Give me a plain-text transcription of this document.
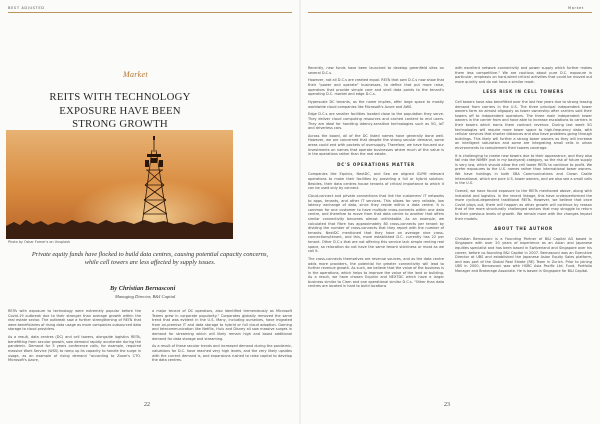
BEST ADJUSTED
Market
REITS WITH TECHNOLOGY EXPOSURE HAVE BEEN STRONG GROWTH
Photo by Oskar Fomer's on Unsplash
Private equity funds have flocked to build data centres, causing potential capacity concerns, while cell towers are less affected by supply issues.
By Christian Bernasconi
Managing Director, B&I Capital

REITs with exposure to technology were extremely popular before the Covid-19 outbreak due to their stronger than average growth within the real estate sector. The outbreak saw a further strengthening of REITs that were beneficiaries of rising data usage as more companies outsourced data storage to cloud providers.

As a result, data centres (DC) and cell towers, alongside logistics REITs, benefitting from secular growth, saw demand rapidly accelerate during the pandemic. Demand for 5 years conference calls, for example, required massive Work Service (WSS) to ramp up its capacity to handle the surge in usage, as an example of rising demand "according to Zoom's CTO. Microsoft's Azure,

a major tenant of DC operators, also identified tremendously as Microsoft Teams grew in corporate popularity." Corporates globally removed the same trend that was evident in the U.S. Many, including ourselves, have migrated from on-premise IT and data storage to hybrid or full cloud adoption. Gaming and telecommunication like Netflix, Hulu and Disney all saw massive surges in demand for streaming which will likely remain high and boost additional demand for data storage and streaming.

As a result of these secular trends and increased demand during the pandemic, valuations for D.C. have reached very high levels, and the very likely upsides with the current demand is, and expansions rushed to raise capital to develop the data centres.

22
Market

Recently, new funds have been launched to develop greenfield sites on several D.C.s.

However, not all D.C.s are created equal. REITs that own D.C.s now show that their "power and operate" businesses, to define that put more raise, operators that provide simple core and shell data points to the tenant's operating D.C. market and edge D.C.s.

Hyperscale DC tenants, as the name implies, offer large space to mostly worldwide cloud companies like Microsoft's Azure and AWS.

Edge D.C.s are smaller facilities located close to the population they serve. They deliver cloud computing resources and cached content to end users. They are ideal for handling latency-sensitive technologies such as 5G, IoT and driverless cars.

Across the board, all of the DC listed names have generally done well. However, we are concerned that despite the strong secular demand, some areas could end with pockets of oversupply. Therefore, we have focused our investments on names that operate businesses where much of the value is in the operations rather than the real estate.

DC'S OPERATIONS MATTER

Companies like Equinix, NextDC, and Sea we aligned GLPM relevant operations to make their facilities by providing a full or hybrid solution. Besides, their data centres house tenants of critical importance to which it can be used only by connect.

Cloud-connect and private connections that link the customers' IT networks to apps, tenants, and other IT services. This allows for very reliable, low latency exchange of data, since they reside within a data centre. It is common for one customer to have multiple cross-connects within one data centre, and therefore to move from that data centre to another that offers similar connectivity becomes almost unthinkable. As an example, we calculated that Fibre has approximately 80 cross-connects per tenant by dividing the number of cross-connects that they report with the number of tenants. NextDC mentioned that they have on average nine cross-connections/tenant, and this, more established D.C. currently has 22 per tenant. Other D.C.s that are not offering this service lack simple renting real space, so relocation do not have the same tenant stickiness or moat as we call it.

The cross-connects themselves are revenue sources, and as the data centre adds more providers, the potential for greater connectivity will lead to further revenue growth. As such, we believe that the value of the business is in the operations, which helps to improve the value of the land or building. As a result, we have chosen Equinix and NEXTDC which have a larger business similar to Ciarn and one operational similar D.C.s. "Other than data centres are located in hard to build locations

with excellent network connectivity and power supply which further makes them less competitive." We are cautious about pure D.C. exposure in particular, emphasis on hard-wired critical activities that could be moved out more quickly and do not have a similar moat.

LESS RISK IN CELL TOWERS

Cell towers have also benefitted over the last few years due to strong leasing demand from carriers in the U.S. The three principal independent tower owners form an almost oligopoly as tower ownership after carriers sold their towers off to independent operators. The three main independent tower owners in the carrier from and have able to increase escalations to carriers in their towers which earns them contract revenue. During last week 5G technologies will require more tower space to high-frequency data, with cellular services that shorter distances and also have problems going through buildings. This likely will further a strong tower owners as they will increase an intelligent saturation and some are integrating small cells in urban environments to complement their towers coverage.

It is challenging to create new towers due to their appearance, and they also fall into the NIMBY (not in my backyard) category, so the risk of future supply is very low, which should allow the cell tower REITs to continue to profit. We prefer exposures to the U.S. names rather than international tower owners. We have holdings in both SBA Communications and Crown Castle International, which are pure U.S. tower owners, and we also see a small cells in the U.S.

Overall, we have found exposure to the REITs mentioned above, along with industrial and logistics. In the recent linkage, this have underperformed the more cyclical-dependent traditional REITs. However, we believe that once Covid plays out, there will happen as other growth will continue by reason that of the more structurally challenged sectors that may struggle to return to their previous levels of growth. We remain more with the changes impact their models.

ABOUT THE AUTHOR

Christian Bernasconi is a Founding Partner of B&I Capital AG based in Singapore with over 20 years of experience as an Asian and Japanese equities specialist and has been based in Switzerland and Singapore over his career, before co-founding B&I Capital in 2007. Bernasconi was an Executive Director at UBS and established the Japanese Asian Equity Sales platform, and was part of the Global Real Estate (RE) Team in Zurich. Prior to joining UBS in 2000, Bernasconi was with HSBC Asia Pacific Ltd. Fund, Portfolio Manager and Brokerage Associate. He is based in Singapore for B&I Capital.

23
